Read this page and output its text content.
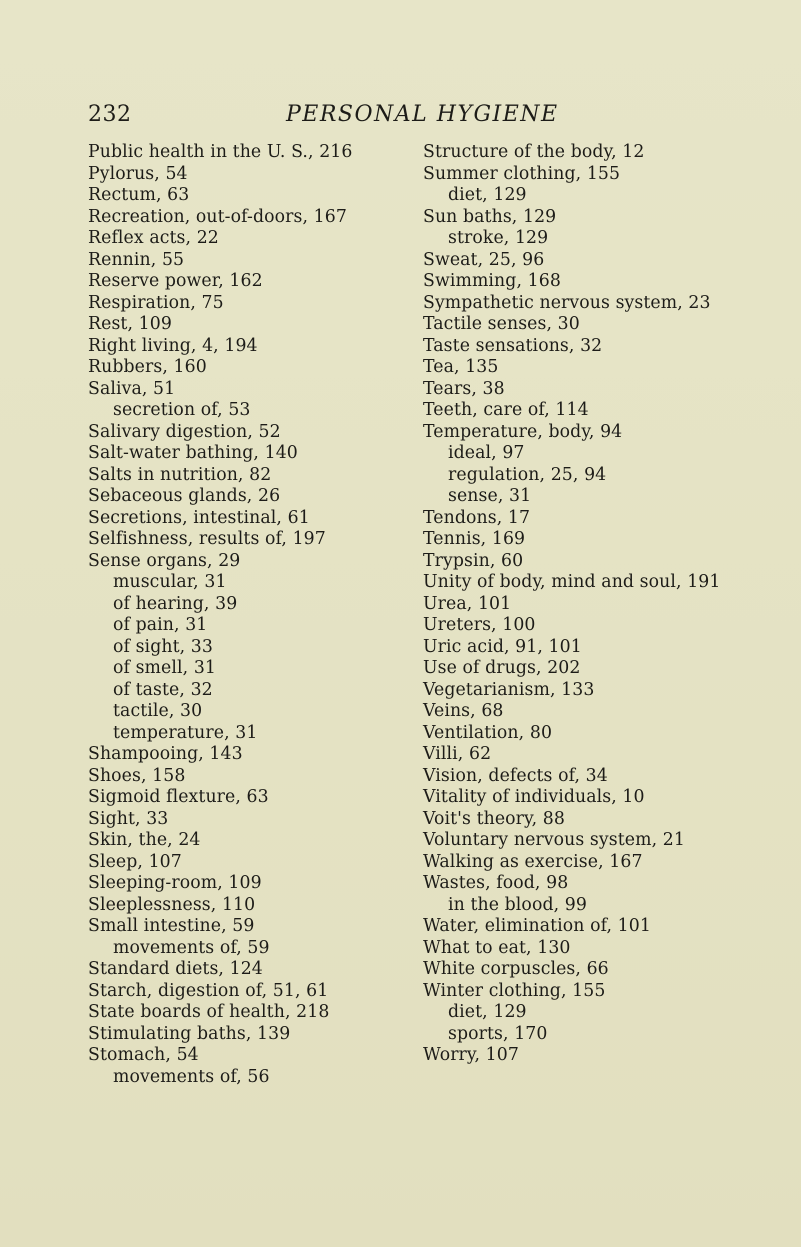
232	PERSONAL HYGIENE
Public health in the U. S., 216
Pylorus, 54
Rectum, 63
Recreation, out-of-doors, 167
Reflex acts, 22
Rennin, 55
Reserve power, 162
Respiration, 75
Rest, 109
Right living, 4, 194
Rubbers, 160
Saliva, 51
secretion of, 53
Salivary digestion, 52
Salt-water bathing, 140
Salts in nutrition, 82
Sebaceous glands, 26
Secretions, intestinal, 61
Selfishness, results of, 197
Sense organs, 29
muscular, 31
of hearing, 39
of pain, 31
of sight, 33
of smell, 31
of taste, 32
tactile, 30
temperature, 31
Shampooing, 143
Shoes, 158
Sigmoid flexture, 63
Sight, 33
Skin, the, 24
Sleep, 107
Sleeping-room, 109
Sleeplessness, 110
Small intestine, 59
movements of, 59
Standard diets, 124
Starch, digestion of, 51, 61
State boards of health, 218
Stimulating baths, 139
Stomach, 54
movements of, 56
Structure of the body, 12
Summer clothing, 155
diet, 129
Sun baths, 129
stroke, 129
Sweat, 25, 96
Swimming, 168
Sympathetic nervous system, 23
Tactile senses, 30
Taste sensations, 32
Tea, 135
Tears, 38
Teeth, care of, 114
Temperature, body, 94
ideal, 97
regulation, 25, 94
sense, 31
Tendons, 17
Tennis, 169
Trypsin, 60
Unity of body, mind and soul, 191
Urea, 101
Ureters, 100
Uric acid, 91, 101
Use of drugs, 202
Vegetarianism, 133
Veins, 68
Ventilation, 80
Villi, 62
Vision, defects of, 34
Vitality of individuals, 10
Voit's theory, 88
Voluntary nervous system, 21
Walking as exercise, 167
Wastes, food, 98
in the blood, 99
Water, elimination of, 101
What to eat, 130
White corpuscles, 66
Winter clothing, 155
diet, 129
sports, 170
Worry, 107
